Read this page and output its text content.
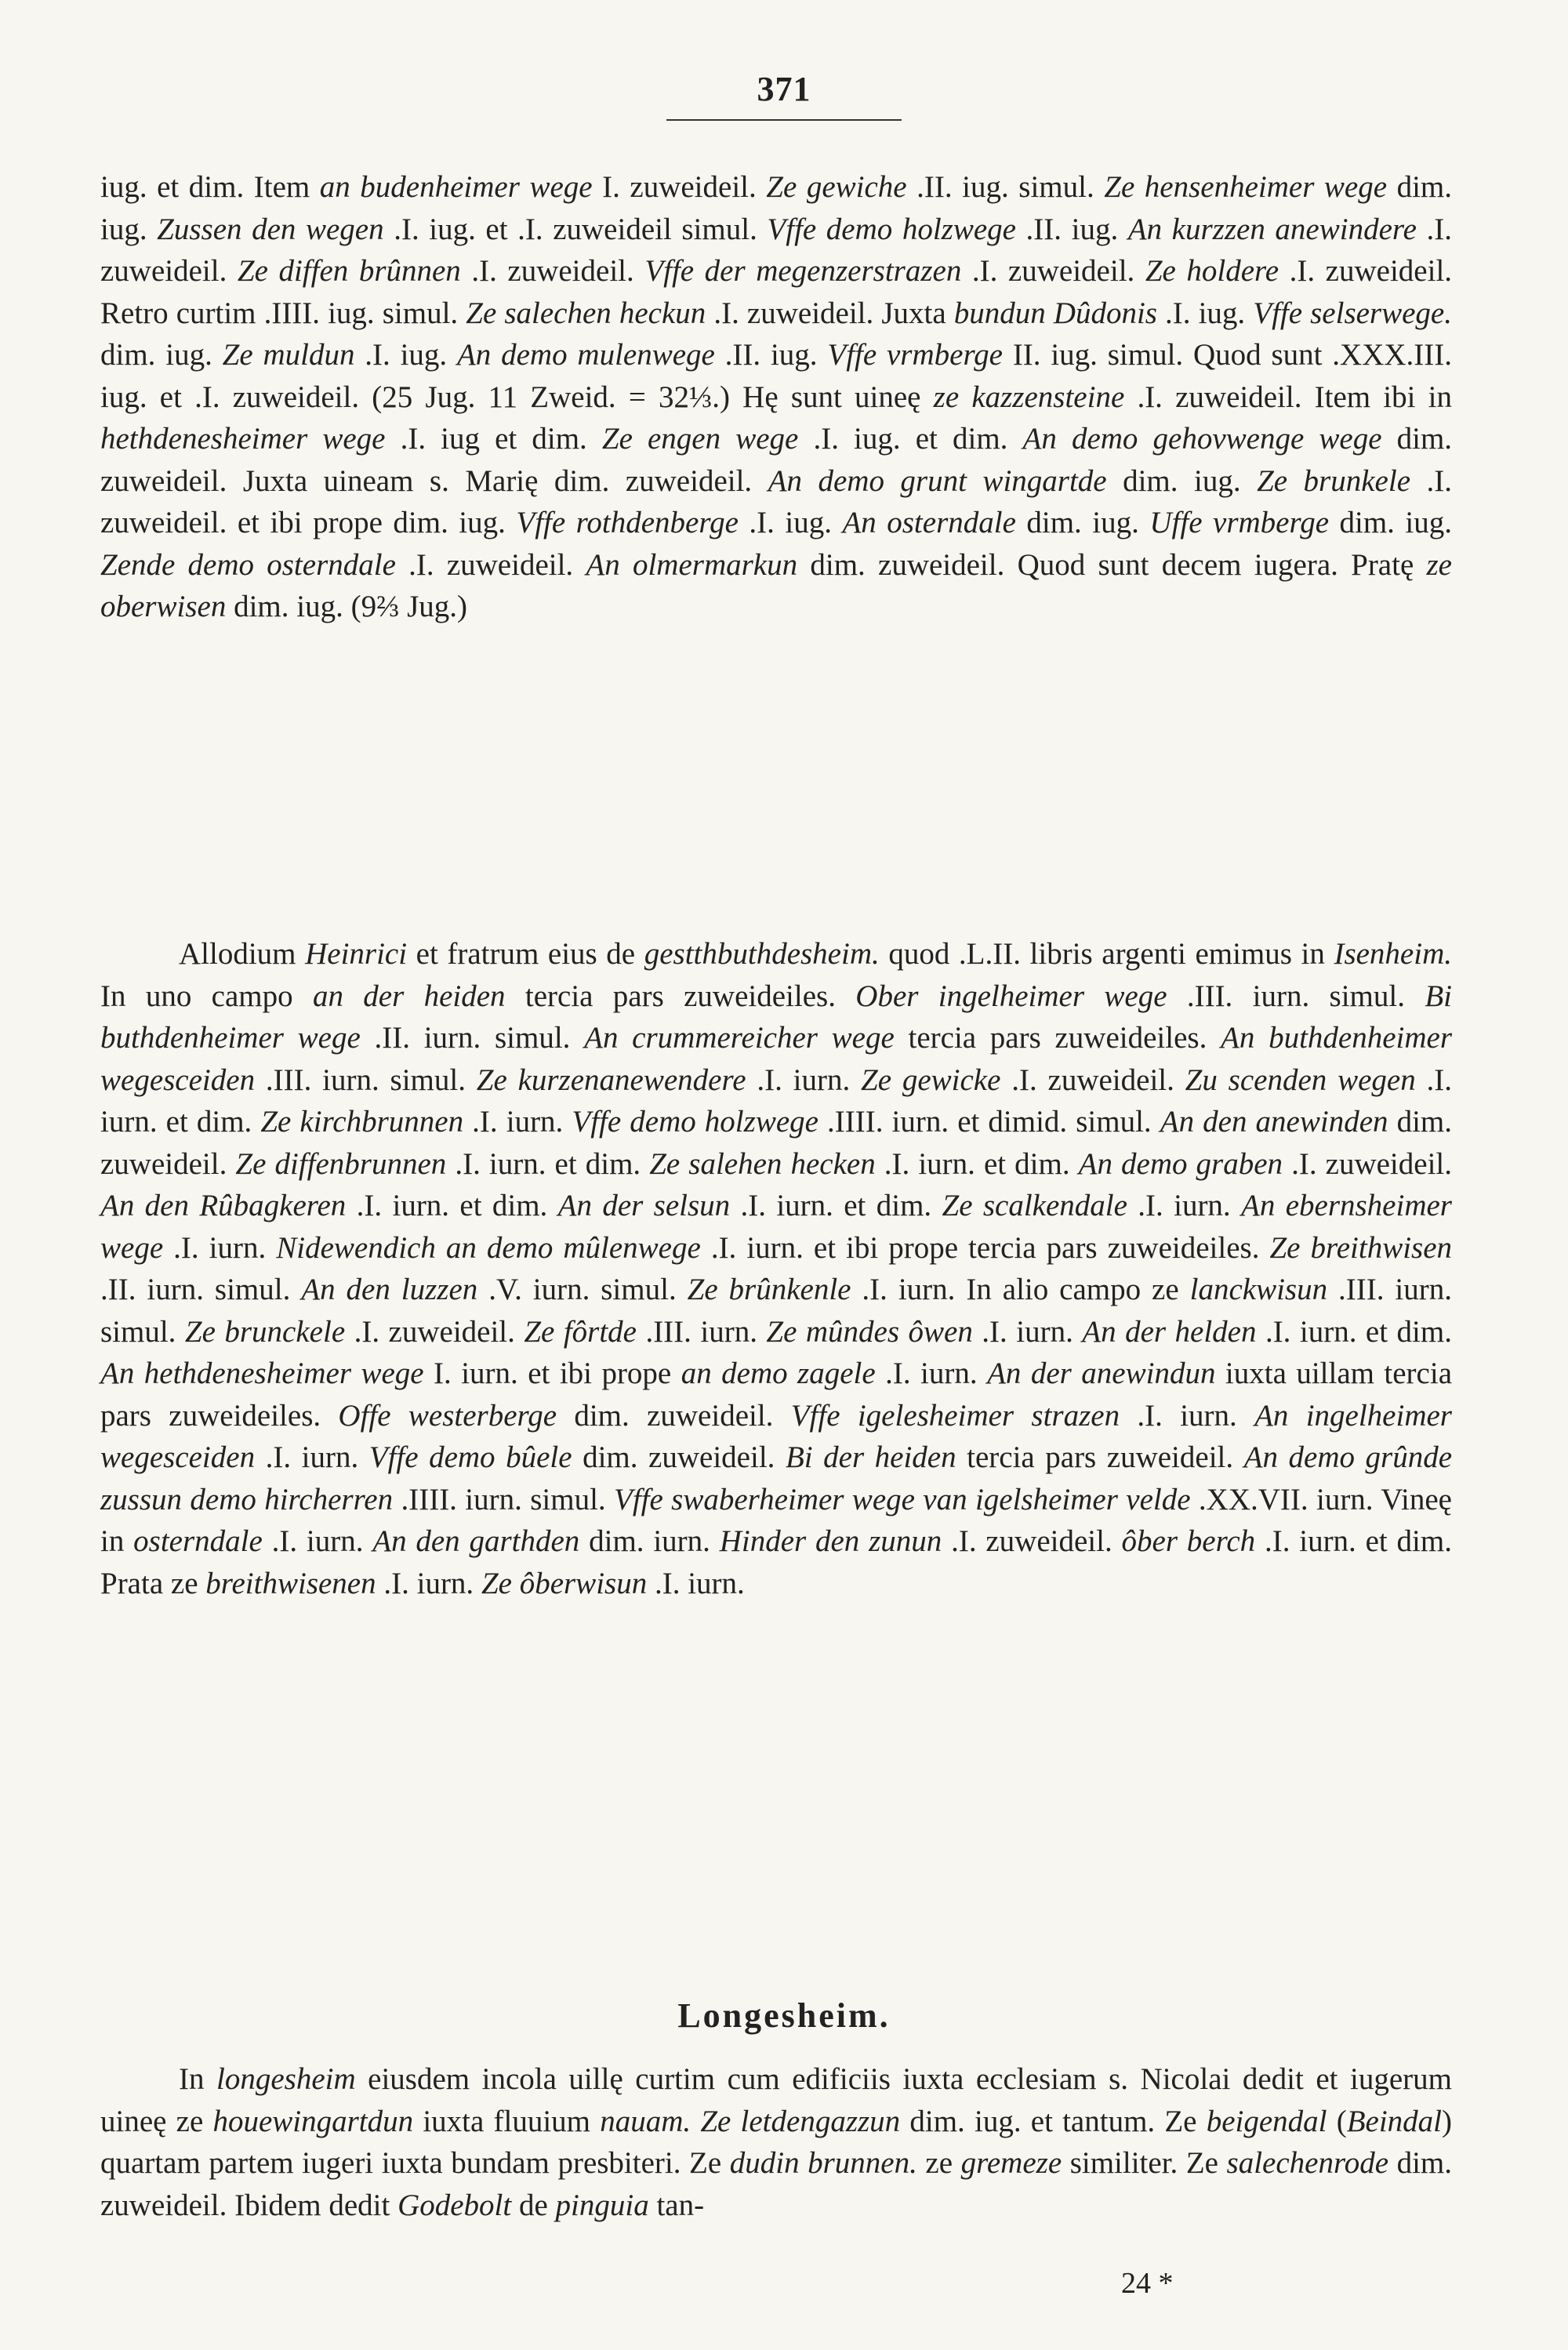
371

iug. et dim. Item an budenheimer wege I. zuweideil. Ze gewiche .II. iug. simul. Ze hensenheimer wege dim. iug. Zussen den wegen .I. iug. et .I. zuweideil simul. Vffe demo holzwege .II. iug. An kurzzen anewindere .I. zuweideil. Ze diffen brûnnen .I. zuweideil. Vffe der megenzerstrazen .I. zuweideil. Ze holdere .I. zuweideil. Retro curtim .IIII. iug. simul. Ze salechen heckun .I. zuweideil. Juxta bundun Dûdonis .I. iug. Vffe selserwege. dim. iug. Ze muldun .I. iug. An demo mulenwege .II. iug. Vffe vrmberge II. iug. simul. Quod sunt .XXX.III. iug. et .I. zuweideil. (25 Jug. 11 Zweid. = 32⅓.) Hę sunt uineę ze kazzensteine .I. zuweideil. Item ibi in hethdenesheimer wege .I. iug et dim. Ze engen wege .I. iug. et dim. An demo gehovwenge wege dim. zuweideil. Juxta uineam s. Marię dim. zuweideil. An demo grunt wingartde dim. iug. Ze brunkele .I. zuweideil. et ibi prope dim. iug. Vffe rothdenberge .I. iug. An osterndale dim. iug. Uffe vrmberge dim. iug. Zende demo osterndale .I. zuweideil. An olmermarkun dim. zuweideil. Quod sunt decem iugera. Pratę ze oberwisen dim. iug. (9⅔ Jug.)

Allodium Heinrici et fratrum eius de gestthbuthdesheim. quod .L.II. libris argenti emimus in Isenheim. In uno campo an der heiden tercia pars zuweideiles. Ober ingelheimer wege .III. iurn. simul. Bi buthdenheimer wege .II. iurn. simul. An crummereicher wege tercia pars zuweideiles. An buthdenheimer wegesceiden .III. iurn. simul. Ze kurzenanewendere .I. iurn. Ze gewicke .I. zuweideil. Zu scenden wegen .I. iurn. et dim. Ze kirchbrunnen .I. iurn. Vffe demo holzwege .IIII. iurn. et dimid. simul. An den anewinden dim. zuweideil. Ze diffenbrunnen .I. iurn. et dim. Ze salehen hecken .I. iurn. et dim. An demo graben .I. zuweideil. An den Rûbagkeren .I. iurn. et dim. An der selsun .I. iurn. et dim. Ze scalkendale .I. iurn. An ebernsheimer wege .I. iurn. Nidewendich an demo mûlenwege .I. iurn. et ibi prope tercia pars zuweideiles. Ze breithwisen .II. iurn. simul. An den luzzen .V. iurn. simul. Ze brûnkenle .I. iurn. In alio campo ze lanckwisun .III. iurn. simul. Ze brunckele .I. zuweideil. Ze fôrtde .III. iurn. Ze mûndes ôwen .I. iurn. An der helden .I. iurn. et dim. An hethdenesheimer wege I. iurn. et ibi prope an demo zagele .I. iurn. An der anewindun iuxta uillam tercia pars zuweideiles. Offe westerberge dim. zuweideil. Vffe igelesheimer strazen .I. iurn. An ingelheimer wegesceiden .I. iurn. Vffe demo bûele dim. zuweideil. Bi der heiden tercia pars zuweideil. An demo grûnde zussun demo hircherren .IIII. iurn. simul. Vffe swaberheimer wege van igelsheimer velde .XX.VII. iurn. Vineę in osterndale .I. iurn. An den garthden dim. iurn. Hinder den zunun .I. zuweideil. ôber berch .I. iurn. et dim. Prata ze breithwisenen .I. iurn. Ze ôberwisun .I. iurn.

Longesheim.

In longesheim eiusdem incola uillę curtim cum edificiis iuxta ecclesiam s. Nicolai dedit et iugerum uineę ze houewingartdun iuxta fluuium nauam. Ze letdengazzun dim. iug. et tantum. Ze beigendal (Beindal) quartam partem iugeri iuxta bundam presbiteri. Ze dudin brunnen. ze gremeze similiter. Ze salechenrode dim. zuweideil. Ibidem dedit Godebolt de pinguia tan-

24 *
